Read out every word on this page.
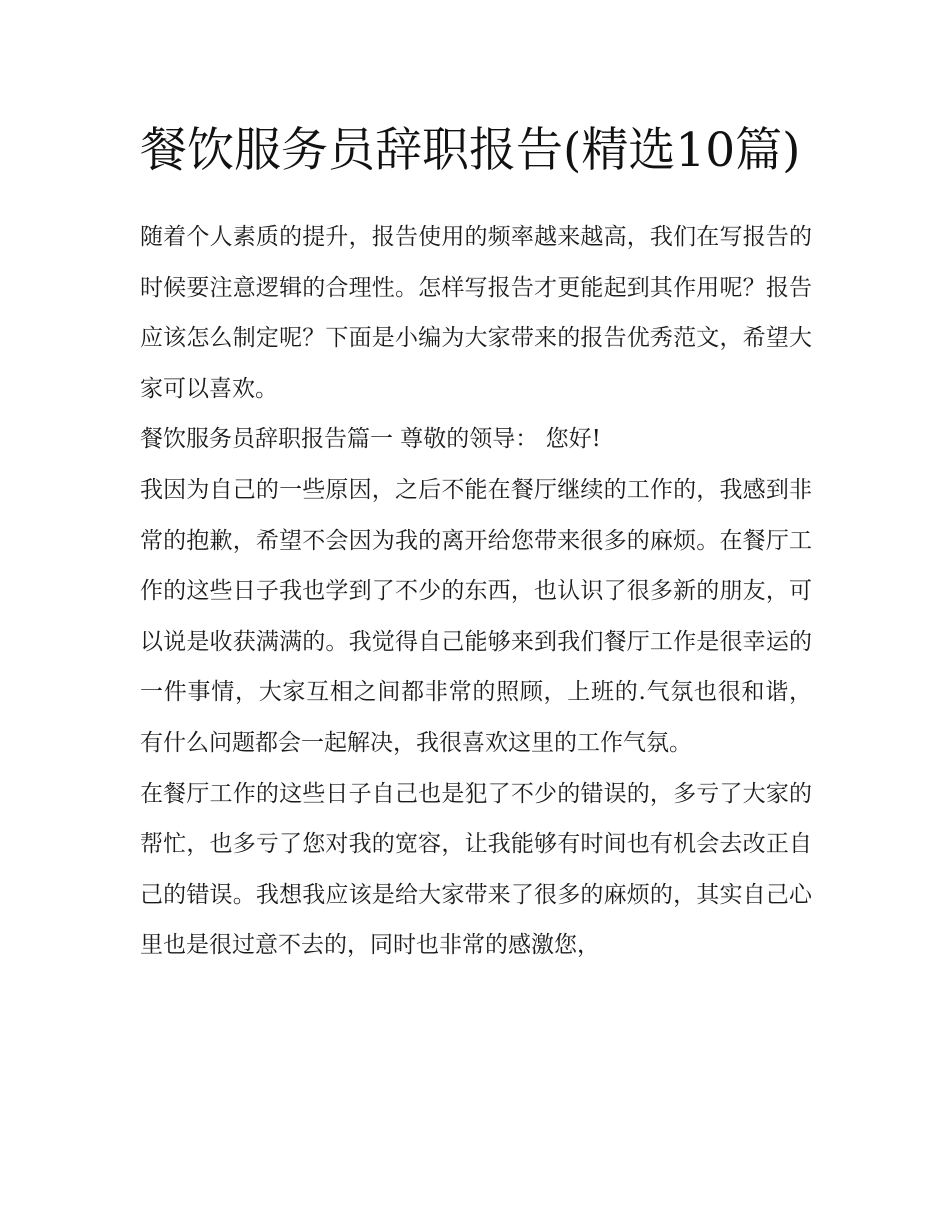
餐饮服务员辞职报告(精选10篇)

随着个人素质的提升，报告使用的频率越来越高，我们在写报告的时候要注意逻辑的合理性。怎样写报告才更能起到其作用呢？报告应该怎么制定呢？下面是小编为大家带来的报告优秀范文，希望大家可以喜欢。

餐饮服务员辞职报告篇一 尊敬的领导： 您好!

我因为自己的一些原因，之后不能在餐厅继续的工作的，我感到非常的抱歉，希望不会因为我的离开给您带来很多的麻烦。在餐厅工作的这些日子我也学到了不少的东西，也认识了很多新的朋友，可以说是收获满满的。我觉得自己能够来到我们餐厅工作是很幸运的一件事情，大家互相之间都非常的照顾，上班的.气氛也很和谐，有什么问题都会一起解决，我很喜欢这里的工作气氛。

在餐厅工作的这些日子自己也是犯了不少的错误的，多亏了大家的帮忙，也多亏了您对我的宽容，让我能够有时间也有机会去改正自己的错误。我想我应该是给大家带来了很多的麻烦的，其实自己心里也是很过意不去的，同时也非常的感激您，
